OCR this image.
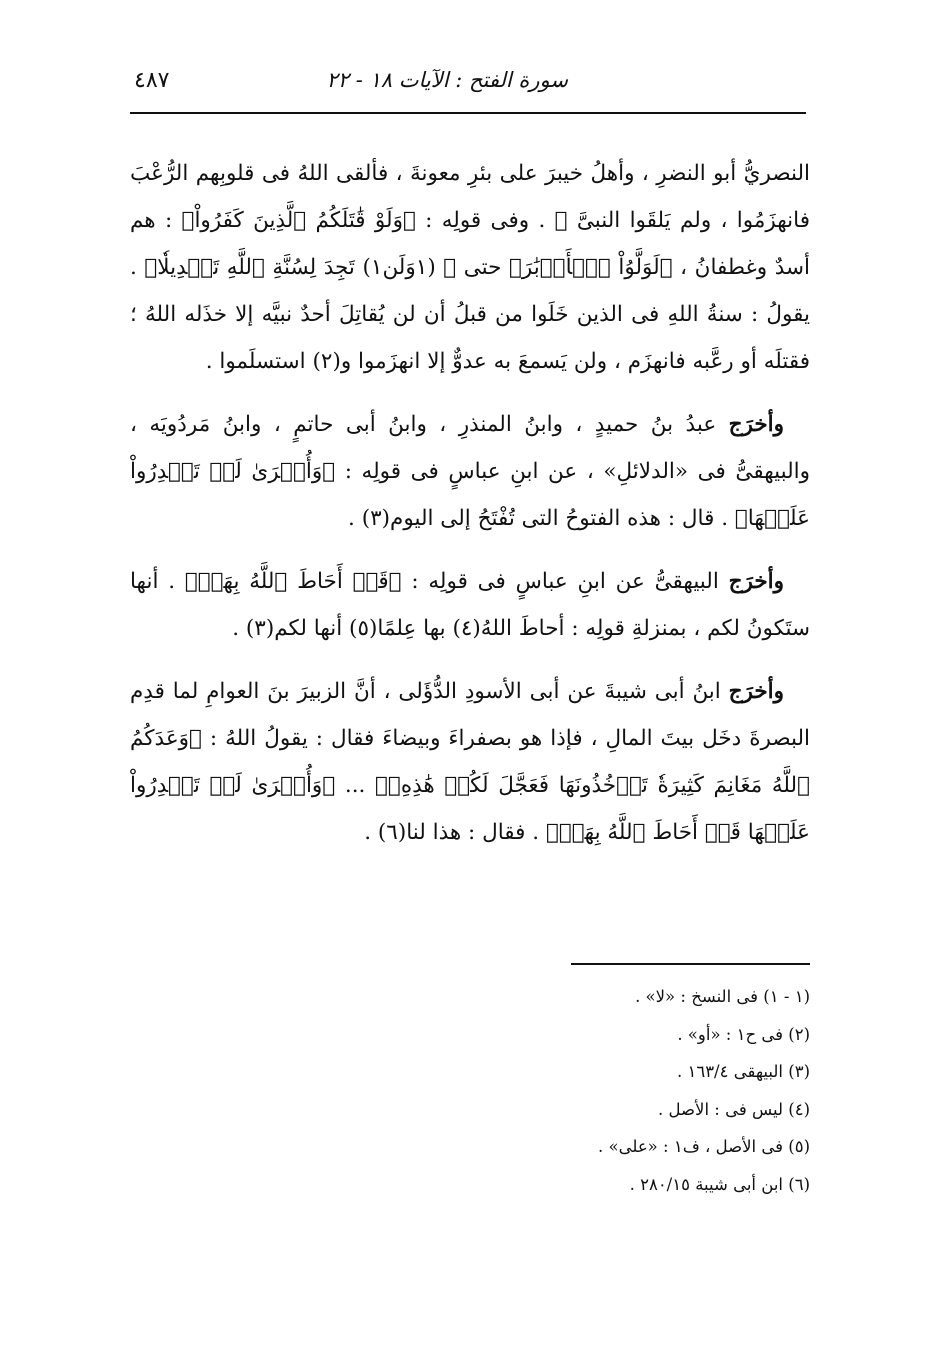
٤٨٧	سورة الفتح : الآيات ١٨ - ٢٢

النصريُّ أبو النضرِ ، وأهلُ خيبرَ على بئرِ معونةَ ، فألقى اللهُ فى قلوبِهم الرُّعْبَ فانهزَمُوا ، ولم يَلقَوا النبىَّ ﷺ . وفى قولِه : ﴿وَلَوْ قَٰتَلَكُمُ ٱلَّذِينَ كَفَرُواْ﴾ : هم أسدٌ وغطفانُ ، ﴿لَوَلَّوُاْ ٱلۡأَدۡبَٰرَ﴾ حتى ﴿ (١وَلَن١) تَجِدَ لِسُنَّةِ ٱللَّهِ تَبۡدِيلٗا﴾ . يقولُ : سنةُ اللهِ فى الذين خَلَوا من قبلُ أن لن يُقاتِلَ أحدٌ نبيَّه إلا خذَله اللهُ ؛ فقتلَه أو رعَّبه فانهزَم ، ولن يَسمعَ به عدوٌّ إلا انهزَموا و(٢) استسلَموا .

وأخرَج عبدُ بنُ حميدٍ ، وابنُ المنذرِ ، وابنُ أبى حاتمٍ ، وابنُ مَردُويَه ، والبيهقىُّ فى «الدلائلِ» ، عن ابنِ عباسٍ فى قولِه : ﴿وَأُخۡرَىٰ لَمۡ تَقۡدِرُواْ عَلَيۡهَا﴾ . قال : هذه الفتوحُ التى تُفْتَحُ إلى اليوم(٣) .

وأخرَج البيهقىُّ عن ابنِ عباسٍ فى قولِه : ﴿قَدۡ أَحَاطَ ٱللَّهُ بِهَاۚ﴾ . أنها ستَكونُ لكم ، بمنزلةِ قولِه : أحاطَ اللهُ(٤) بها عِلمًا(٥) أنها لكم(٣) .

وأخرَج ابنُ أبى شيبةَ عن أبى الأسودِ الدُّؤَلى ، أنَّ الزبيرَ بنَ العوامِ لما قدِم البصرةَ دخَل بيتَ المالِ ، فإذا هو بصفراءَ وبيضاءَ فقال : يقولُ اللهُ : ﴿وَعَدَكُمُ ٱللَّهُ مَغَانِمَ كَثِيرَةٗ تَأۡخُذُونَهَا فَعَجَّلَ لَكُمۡ هَٰذِهِۦ﴾ ... ﴿وَأُخۡرَىٰ لَمۡ تَقۡدِرُواْ عَلَيۡهَا قَدۡ أَحَاطَ ٱللَّهُ بِهَاۚ﴾ . فقال : هذا لنا(٦) .

(١ - ١) فى النسخ : «لا» .
(٢) فى ح١ : «أو» .
(٣) البيهقى ١٦٣/٤ .
(٤) ليس فى : الأصل .
(٥) فى الأصل ، ف١ : «على» .
(٦) ابن أبى شيبة ٢٨٠/١٥ .
